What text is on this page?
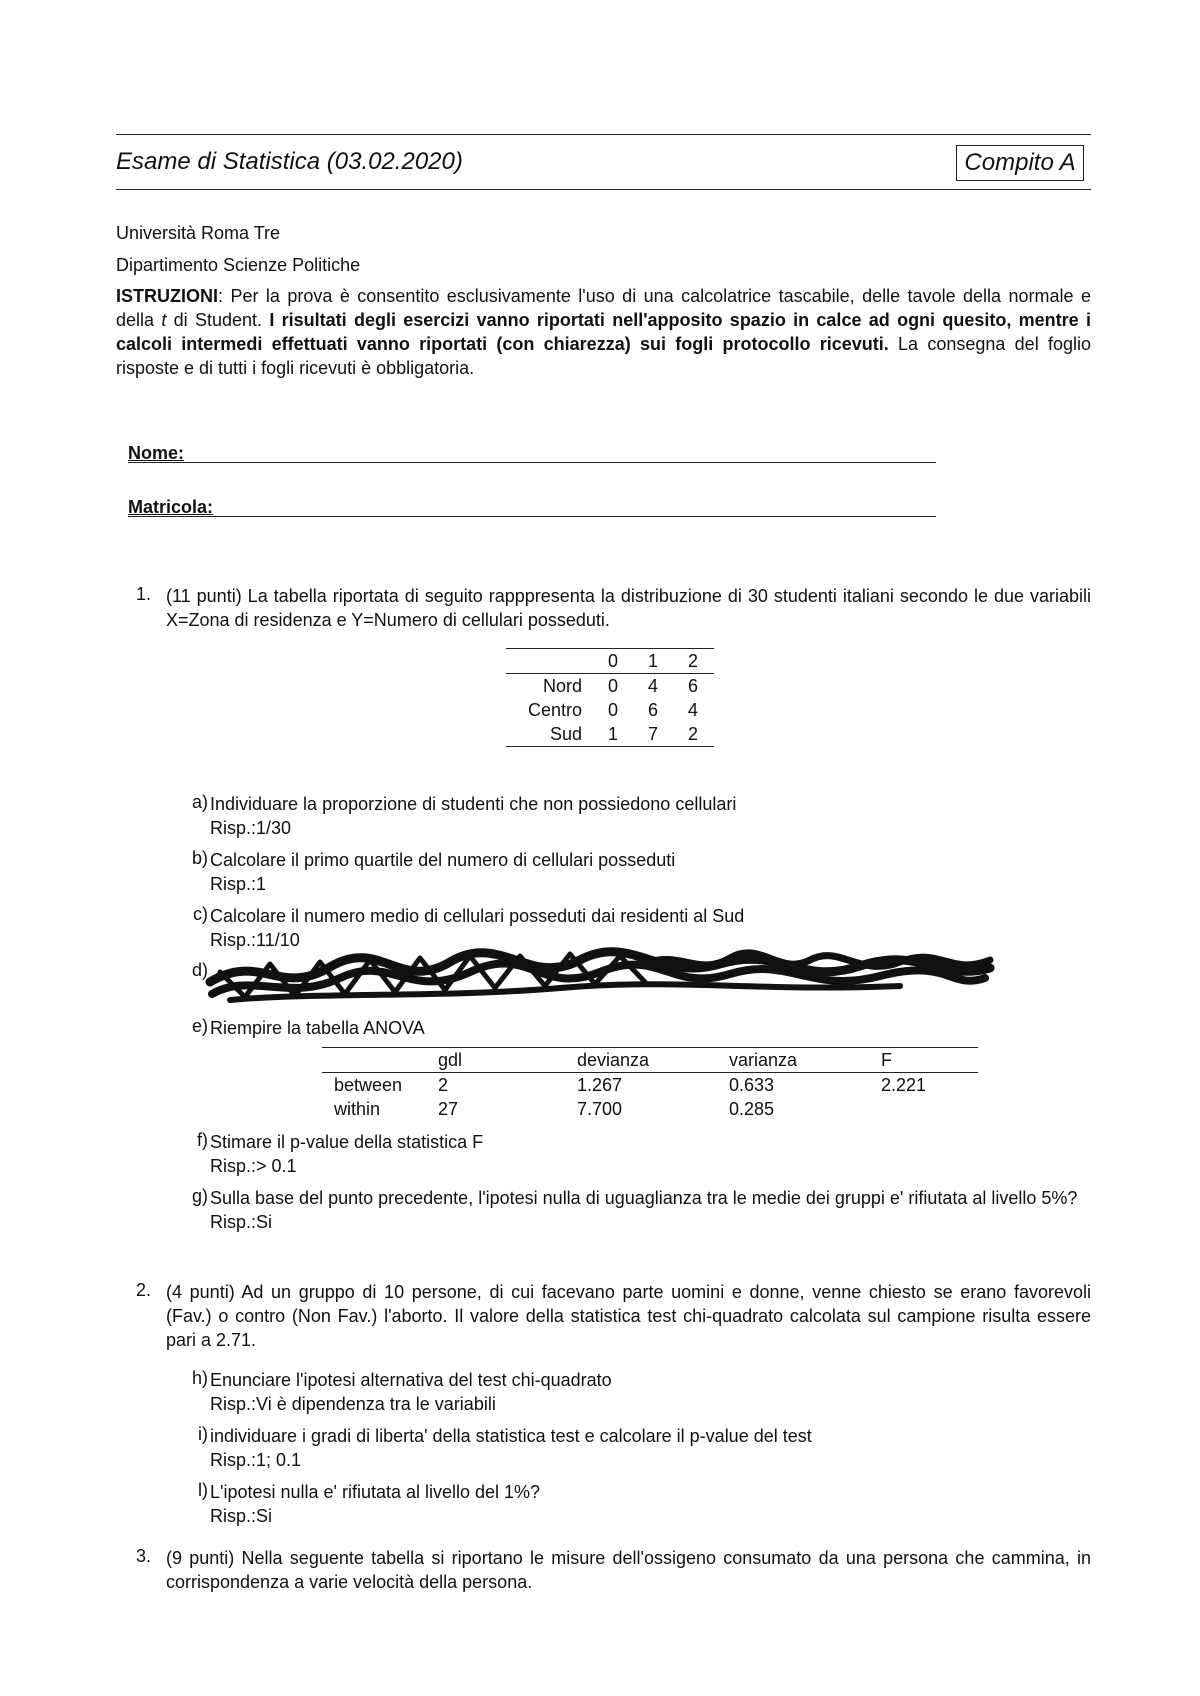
Esame di Statistica (03.02.2020)	Compito A
Università Roma Tre
Dipartimento Scienze Politiche
ISTRUZIONI: Per la prova è consentito esclusivamente l'uso di una calcolatrice tascabile, delle tavole della normale e della t di Student. I risultati degli esercizi vanno riportati nell'apposito spazio in calce ad ogni quesito, mentre i calcoli intermedi effettuati vanno riportati (con chiarezza) sui fogli protocollo ricevuti. La consegna del foglio risposte e di tutti i fogli ricevuti è obbligatoria.
Nome:
Matricola:
1. (11 punti) La tabella riportata di seguito rapppresenta la distribuzione di 30 studenti italiani secondo le due variabili X=Zona di residenza e Y=Numero di cellulari posseduti.
	0	1	2
Nord	0	4	6
Centro	0	6	4
Sud	1	7	2
a) Individuare la proporzione di studenti che non possiedono cellulari
Risp.:1/30
b) Calcolare il primo quartile del numero di cellulari posseduti
Risp.:1
c) Calcolare il numero medio di cellulari posseduti dai residenti al Sud
Risp.:11/10
d)
e) Riempire la tabella ANOVA
	gdl	devianza	varianza	F
between	2	1.267	0.633	2.221
within	27	7.700	0.285	
f) Stimare il p-value della statistica F
Risp.:> 0.1
g) Sulla base del punto precedente, l'ipotesi nulla di uguaglianza tra le medie dei gruppi e' rifiutata al livello 5%?
Risp.:Si
2. (4 punti) Ad un gruppo di 10 persone, di cui facevano parte uomini e donne, venne chiesto se erano favorevoli (Fav.) o contro (Non Fav.) l'aborto. Il valore della statistica test chi-quadrato calcolata sul campione risulta essere pari a 2.71.
h) Enunciare l'ipotesi alternativa del test chi-quadrato
Risp.:Vi è dipendenza tra le variabili
i) individuare i gradi di liberta' della statistica test e calcolare il p-value del test
Risp.:1; 0.1
l) L'ipotesi nulla e' rifiutata al livello del 1%?
Risp.:Si
3. (9 punti) Nella seguente tabella si riportano le misure dell'ossigeno consumato da una persona che cammina, in corrispondenza a varie velocità della persona.
